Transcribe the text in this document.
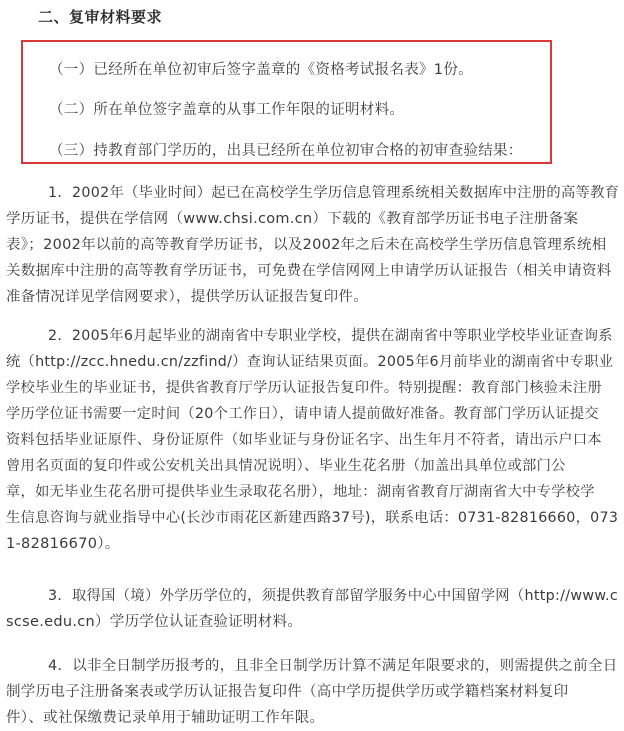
二、复审材料要求
（一）已经所在单位初审后签字盖章的《资格考试报名表》1份。
（二）所在单位签字盖章的从事工作年限的证明材料。
（三）持教育部门学历的，出具已经所在单位初审合格的初审查验结果：
1．2002年（毕业时间）起已在高校学生学历信息管理系统相关数据库中注册的高等教育
学历证书，提供在学信网（www.chsi.com.cn）下载的《教育部学历证书电子注册备案
表》；2002年以前的高等教育学历证书，以及2002年之后未在高校学生学历信息管理系统相
关数据库中注册的高等教育学历证书，可免费在学信网网上申请学历认证报告（相关申请资料
准备情况详见学信网要求），提供学历认证报告复印件。
2．2005年6月起毕业的湖南省中专职业学校，提供在湖南省中等职业学校毕业证查询系
统（http://zcc.hnedu.cn/zzfind/）查询认证结果页面。2005年6月前毕业的湖南省中专职业
学校毕业生的毕业证书，提供省教育厅学历认证报告复印件。特别提醒：教育部门核验未注册
学历学位证书需要一定时间（20个工作日），请申请人提前做好准备。教育部门学历认证提交
资料包括毕业证原件、身份证原件（如毕业证与身份证名字、出生年月不符者，请出示户口本
曾用名页面的复印件或公安机关出具情况说明）、毕业生花名册（加盖出具单位或部门公
章，如无毕业生花名册可提供毕业生录取花名册），地址：湖南省教育厅湖南省大中专学校学
生信息咨询与就业指导中心(长沙市雨花区新建西路37号)，联系电话：0731-82816660，073
1-82816670）。
3．取得国（境）外学历学位的，须提供教育部留学服务中心中国留学网（http://www.c
scse.edu.cn）学历学位认证查验证明材料。
4．以非全日制学历报考的，且非全日制学历计算不满足年限要求的，则需提供之前全日
制学历电子注册备案表或学历认证报告复印件（高中学历提供学历或学籍档案材料复印
件）、或社保缴费记录单用于辅助证明工作年限。
